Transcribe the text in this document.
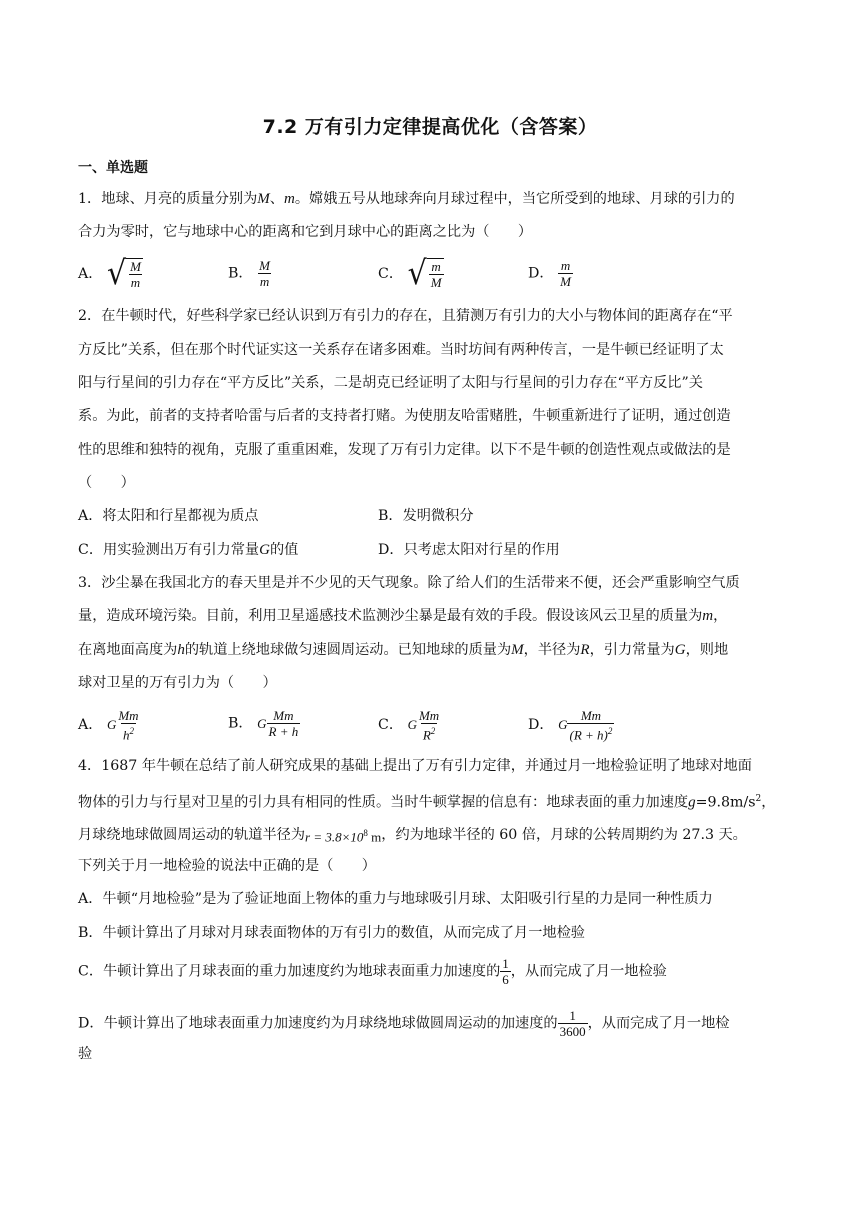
7.2 万有引力定律提高优化（含答案）
一、单选题
1．地球、月亮的质量分别为M、m。嫦娥五号从地球奔向月球过程中，当它所受到的地球、月球的引力的
合力为零时，它与地球中心的距离和它到月球中心的距离之比为（　　）
A． √ $\frac{M}{m}$	B． $\frac{M}{m}$	C． √ $\frac{m}{M}$	D． $\frac{m}{M}$
2．在牛顿时代，好些科学家已经认识到万有引力的存在，且猜测万有引力的大小与物体间的距离存在“平
方反比”关系，但在那个时代证实这一关系存在诸多困难。当时坊间有两种传言，一是牛顿已经证明了太
阳与行星间的引力存在“平方反比”关系，二是胡克已经证明了太阳与行星间的引力存在“平方反比”关
系。为此，前者的支持者哈雷与后者的支持者打赌。为使朋友哈雷赌胜，牛顿重新进行了证明，通过创造
性的思维和独特的视角，克服了重重困难，发现了万有引力定律。以下不是牛顿的创造性观点或做法的是
（　　）
A．将太阳和行星都视为质点	B．发明微积分
C．用实验测出万有引力常量G的值	D．只考虑太阳对行星的作用
3．沙尘暴在我国北方的春天里是并不少见的天气现象。除了给人们的生活带来不便，还会严重影响空气质
量，造成环境污染。目前，利用卫星遥感技术监测沙尘暴是最有效的手段。假设该风云卫星的质量为m，
在离地面高度为h的轨道上绕地球做匀速圆周运动。已知地球的质量为M，半径为R，引力常量为G，则地
球对卫星的万有引力为（　　）
A． G $\frac{Mm}{h^2}$	B． G $\frac{Mm}{R + h}$	C． G $\frac{Mm}{R^2}$	D． G $\frac{Mm}{(R + h)^2}$
4．1687 年牛顿在总结了前人研究成果的基础上提出了万有引力定律，并通过月一地检验证明了地球对地面
物体的引力与行星对卫星的引力具有相同的性质。当时牛顿掌握的信息有：地球表面的重力加速度$g=9.8m/s^2$，
月球绕地球做圆周运动的轨道半径为$r = 3.8\times 10^8$ m，约为地球半径的 60 倍，月球的公转周期约为 27.3 天。
下列关于月一地检验的说法中正确的是（　　）
A．牛顿“月地检验”是为了验证地面上物体的重力与地球吸引月球、太阳吸引行星的力是同一种性质力
B．牛顿计算出了月球对月球表面物体的万有引力的数值，从而完成了月一地检验
C．牛顿计算出了月球表面的重力加速度约为地球表面重力加速度的 $\frac{1}{6}$ ，从而完成了月一地检验
D．牛顿计算出了地球表面重力加速度约为月球绕地球做圆周运动的加速度的 $\frac{1}{3600}$ ，从而完成了月一地检
验
